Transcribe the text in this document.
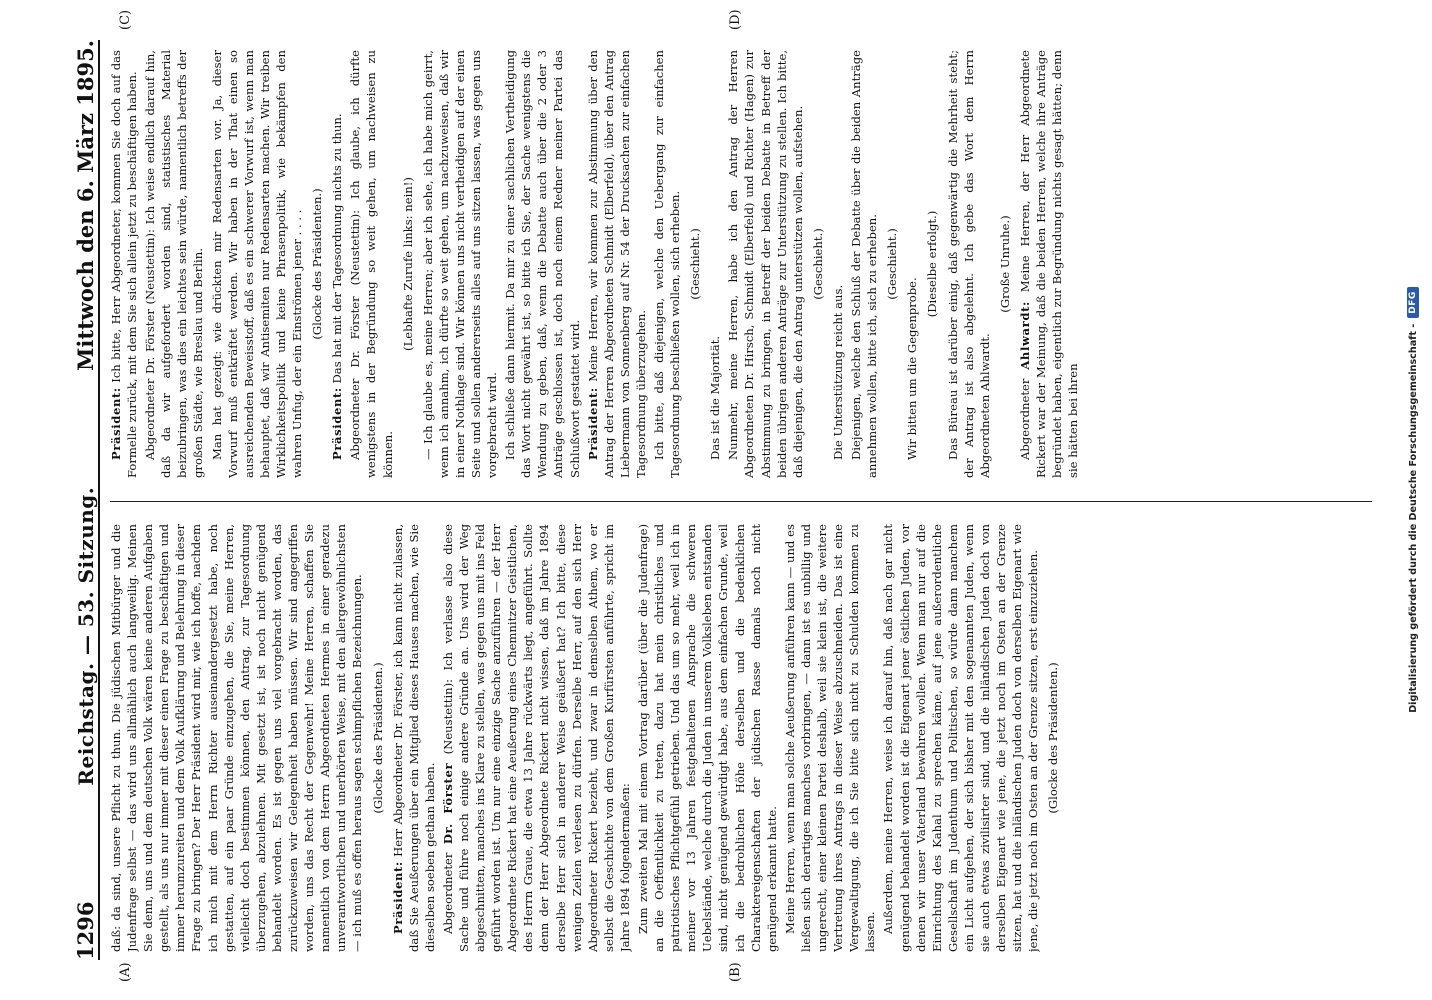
1296
Reichstag. — 53. Sitzung.
Mittwoch den 6. März 1895.
(A)	(B)
(C)	(D)

daß: da sind, unsere Pflicht zu thun. Die jüdischen Mitbürger und die Judenfrage selbst — das wird uns allmählich auch langweilig. Meinen Sie denn, uns und dem deutschen Volk wären keine anderen Aufgaben gestellt, als uns nur immer mit dieser einen Frage zu beschäftigen und immer herumzureiten und dem Volk Aufklärung und Belehrung in dieser Frage zu bringen? Der Herr Präsident wird mir, wie ich hoffe, nachdem ich mich mit dem Herrn Richter auseinandergesetzt habe, noch gestatten, auf ein paar Gründe einzugehen, die Sie, meine Herren, vielleicht doch bestimmen können, den Antrag, zur Tagesordnung überzugehen, abzulehnen. Mit gesetzt ist, ist noch nicht genügend behandelt worden. Es ist gegen uns viel vorgebracht worden, das zurückzuweisen wir Gelegenheit haben müssen. Wir sind angegriffen worden, uns das Recht der Gegenwehr! Meine Herren, schaffen Sie namentlich von dem Herrn Abgeordneten Hermes in einer geradezu unverantwortlichen und unerhörten Weise, mit den allergewöhnlichsten — ich muß es offen heraus sagen schimpflichen Bezeichnungen. (Glocke des Präsidenten.)

Präsident: Herr Abgeordneter Dr. Förster, ich kann nicht zulassen, daß Sie Aeußerungen über ein Mitglied dieses Hauses machen, wie Sie dieselben soeben gethan haben. Abgeordneter Dr. Förster (Neustettin): Ich verlasse also diese Sache und führe noch einige andere Gründe an. Uns wird der Weg abgeschnitten, manches ins Klare zu stellen, was gegen uns mit ins Feld geführt worden ist. Um nur eine einzige Sache anzuführen — der Herr Abgeordnete Rickert hat eine Aeußerung eines Chemnitzer Geistlichen, des Herrn Graue, die etwa 13 Jahre rückwärts liegt, angeführt. Sollte denn der Herr Abgeordnete Rickert nicht wissen, daß im Jahre 1894 derselbe Herr sich in anderer Weise geäußert hat? Ich bitte, diese wenigen Zeilen verlesen zu dürfen. Derselbe Herr, auf den sich Herr Abgeordneter Rickert bezieht, und zwar in demselben Athem, wo er selbst die Geschichte von dem Großen Kurfürsten anführte, spricht im Jahre 1894 folgendermaßen: Zum zweiten Mal mit einem Vortrag darüber (über die Judenfrage) an die Oeffentlichkeit zu treten, dazu hat mein christliches und patriotisches Pflichtgefühl getrieben. Und das um so mehr, weil ich in meiner vor 13 Jahren festgehaltenen Ansprache die schweren Uebelstände, welche durch die Juden in unserem Volksleben entstanden sind, nicht genügend gewürdigt habe, aus dem einfachen Grunde, weil ich die bedrohlichen Höhe derselben und die bedenklichen Charaktereigenschaften der jüdischen Rasse damals noch nicht genügend erkannt hatte. Meine Herren, wenn man solche Aeußerung anführen kann — und es ließen sich derartiges manches vorbringen, — dann ist es unbillig und ungerecht, einer kleinen Partei deshalb, weil sie klein ist, die weitere Vertretung ihres Antrags in dieser Weise abzuschneiden. Das ist eine Vergewaltigung, die ich Sie bitte sich nicht zu Schulden kommen zu lassen. Außerdem, meine Herren, weise ich darauf hin, daß nach gar nicht genügend behandelt worden ist die Eigenart jener östlichen Juden, vor denen wir unser Vaterland bewahren wollen. Wenn man nur auf die Einrichtung des Kahal zu sprechen käme, auf jene außerordentliche Gesellschaft im Judenthum und Politischen, so würde dann manchem ein Licht aufgehen, der sich bisher mit den sogenannten Juden, wenn sie auch etwas zivilisirter sind, und die inländischen Juden doch von derselben Eigenart wie jene, die jetzt noch im Osten an der Grenze sitzen, hat und die inländischen Juden doch von derselben Eigenart wie jene, die jetzt noch im Osten an der Grenze sitzen, erst einzuziehen. (Glocke des Präsidenten.)

Präsident: Ich bitte, Herr Abgeordneter, kommen Sie doch auf das Formelle zurück, mit dem Sie sich allein jetzt zu beschäftigen haben. Abgeordneter Dr. Förster (Neustettin): Ich weise endlich darauf hin, daß da wir aufgefordert worden sind, statistisches Material beizubringen, was dies ein leichtes sein würde, namentlich betreffs der großen Städte, wie Breslau und Berlin. Man hat gezeigt: wie drückten mir Redensarten vor. Ja, dieser Vorwurf muß entkräftet werden. Wir haben in der That einen so ausreichenden Beweisstoff, daß es ein schwerer Vorwurf ist, wenn man behauptet, daß wir Antisemiten nur Redensarten machen. Wir treiben Wirklichkeitspolitik und keine Phrasenpolitik, wie bekämpfen den wahren Unfug, der ein Einströmen jener . . . . (Glocke des Präsidenten.)

Präsident: Das hat mit der Tagesordnung nichts zu thun. Abgeordneter Dr. Förster (Neustettin): Ich glaube, ich dürfte wenigstens in der Begründung so weit gehen, um nachweisen zu können.

(Lebhafte Zurufe links: nein!) — Ich glaube es, meine Herren; aber ich sehe, ich habe mich geirrt, wenn ich annahm, ich dürfte so weit gehen, um nachzuweisen, daß wir in einer Nothlage sind. Wir können uns nicht vertheidigen auf der einen Seite und sollen andererseits alles auf uns sitzen lassen, was gegen uns vorgebracht wird. Ich schließe dann hiermit. Da mir zu einer sachlichen Vertheidigung das Wort nicht gewährt ist, so bitte ich Sie, der Sache wenigstens die Wendung zu geben, daß, wenn die Debatte auch über die 2 oder 3 Anträge geschlossen ist, doch noch einem Redner meiner Partei das Schlußwort gestattet wird. Präsident: Meine Herren, wir kommen zur Abstimmung über den Antrag der Herren Abgeordneten Schmidt (Elberfeld), über den Antrag Liebermann von Sonnenberg auf Nr. 54 der Drucksachen zur einfachen Tagesordnung überzugehen. Ich bitte, daß diejenigen, welche den Uebergang zur einfachen Tagesordnung beschließen wollen, sich erheben. (Geschieht.)

Das ist die Majorität. Nunmehr, meine Herren, habe ich den Antrag der Herren Abgeordneten Dr. Hirsch, Schmidt (Elberfeld) und Richter (Hagen) zur Abstimmung zu bringen, in Betreff der beiden Debatte in Betreff der beiden übrigen anderen Anträge zur Unterstützung zu stellen. Ich bitte, daß diejenigen, die den Antrag unterstützen wollen, aufstehen. (Geschieht.)

Die Unterstützung reicht aus. Diejenigen, welche den Schluß der Debatte über die beiden Anträge annehmen wollen, bitte ich, sich zu erheben. (Geschieht.)

Wir bitten um die Gegenprobe.

(Dieselbe erfolgt.) Das Büreau ist darüber einig, daß gegenwärtig die Mehrheit steht; der Antrag ist also abgelehnt. Ich gebe das Wort dem Herrn Abgeordneten Ahlwardt.

(Große Unruhe.)

Abgeordneter Ahlwardt: Meine Herren, der Herr Abgeordnete Rickert war der Meinung, daß die beiden Herren, welche ihre Anträge begründet haben, eigentlich zur Begründung nichts gesagt hätten; denn sie hätten bei ihren	Digitalisierung gefördert durch die Deutsche Forschungsgemeinschaft -
DFG
